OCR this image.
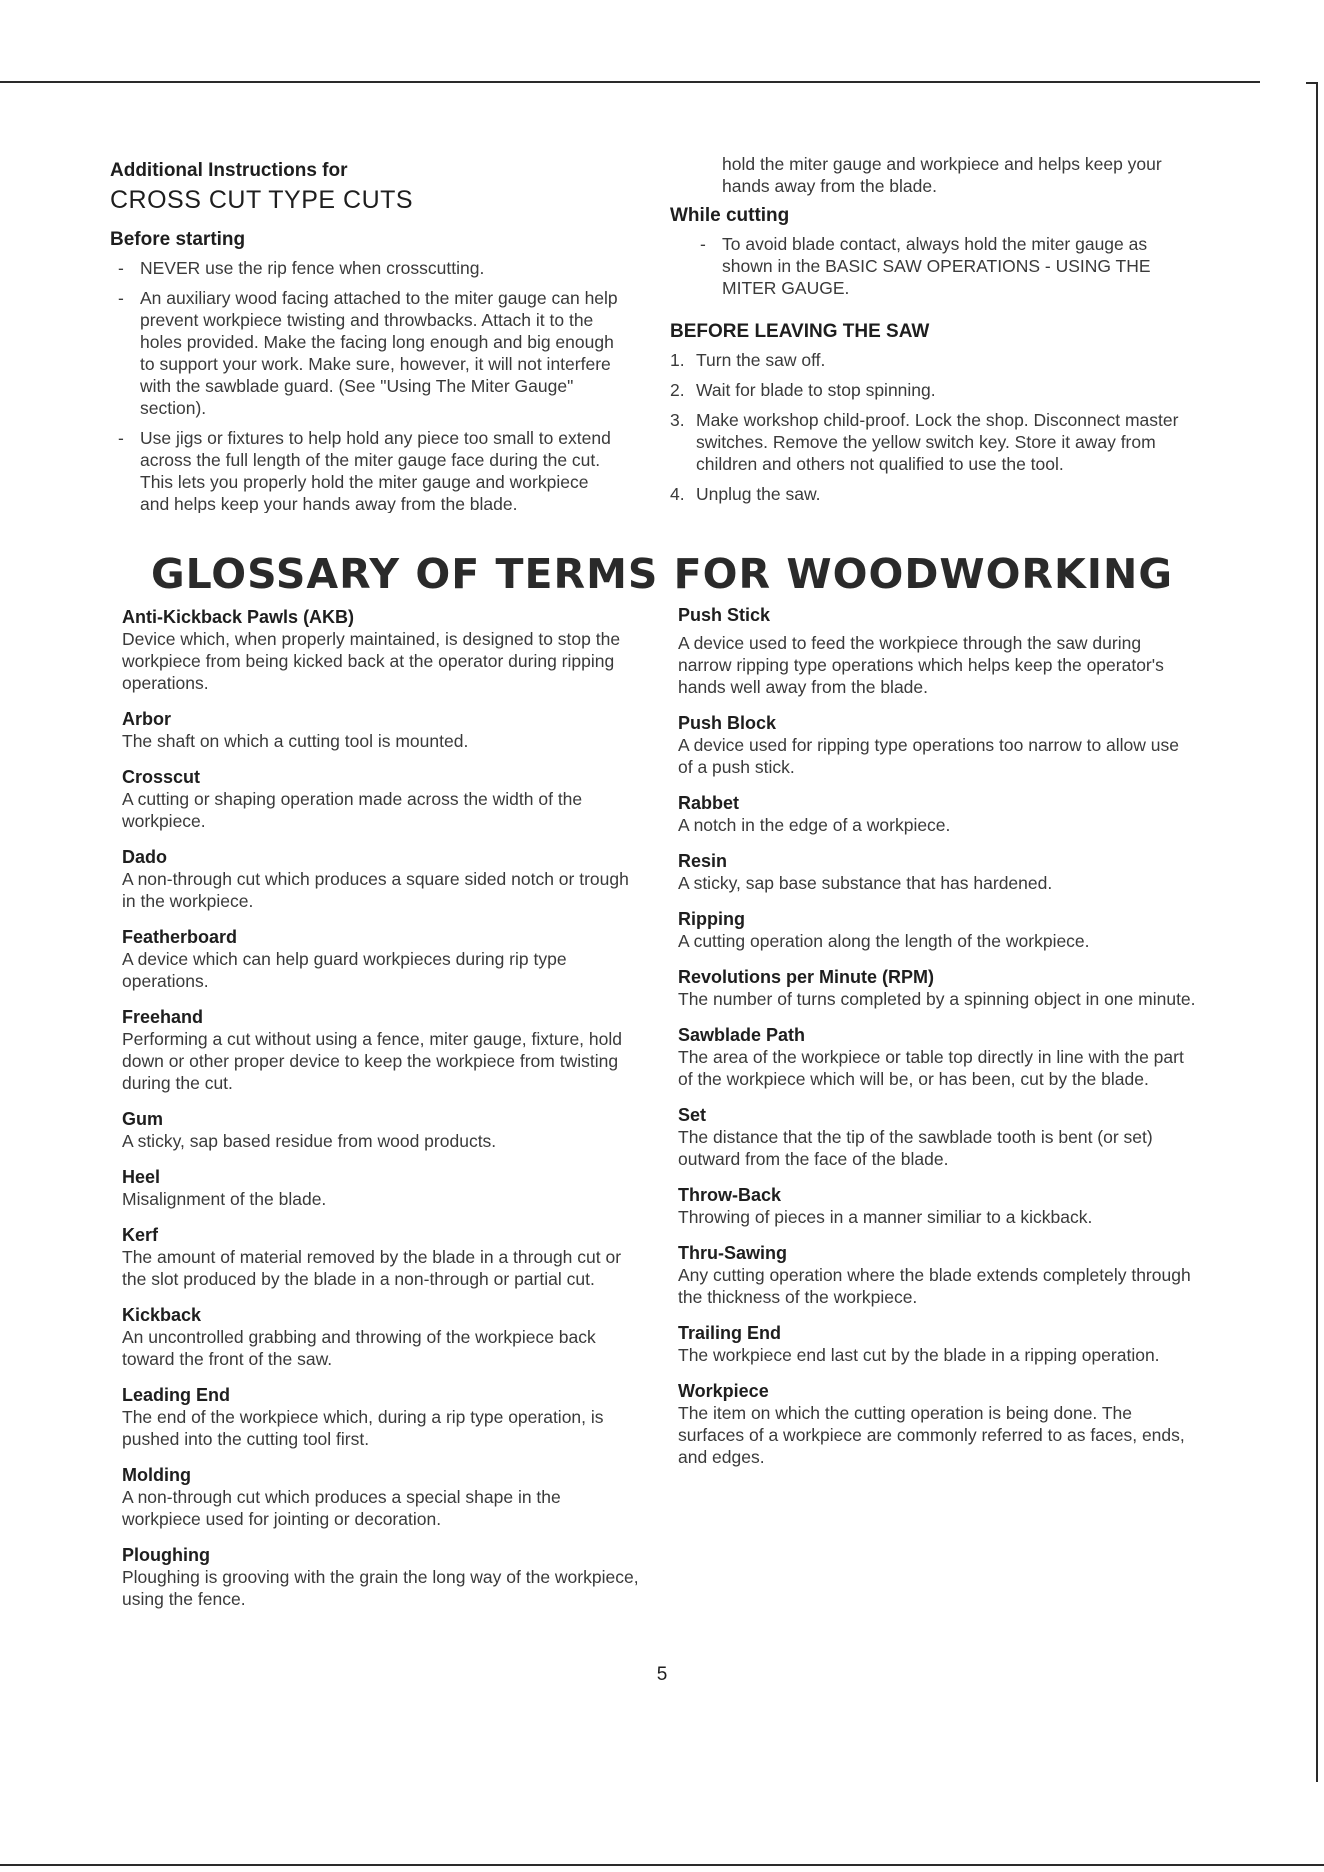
Additional Instructions for
CROSS CUT TYPE CUTS
Before starting
- NEVER use the rip fence when crosscutting.
- An auxiliary wood facing attached to the miter gauge can help prevent workpiece twisting and throwbacks. Attach it to the holes provided. Make the facing long enough and big enough to support your work. Make sure, however, it will not interfere with the sawblade guard. (See "Using The Miter Gauge" section).
- Use jigs or fixtures to help hold any piece too small to extend across the full length of the miter gauge face during the cut. This lets you properly hold the miter gauge and workpiece and helps keep your hands away from the blade.

hold the miter gauge and workpiece and helps keep your hands away from the blade.

While cutting
- To avoid blade contact, always hold the miter gauge as shown in the BASIC SAW OPERATIONS - USING THE MITER GAUGE.
BEFORE LEAVING THE SAW
1. Turn the saw off.
2. Wait for blade to stop spinning.
3. Make workshop child-proof. Lock the shop. Disconnect master switches. Remove the yellow switch key. Store it away from children and others not qualified to use the tool.
4. Unplug the saw.
GLOSSARY OF TERMS FOR WOODWORKING
Anti-Kickback Pawls (AKB)
Device which, when properly maintained, is designed to stop the workpiece from being kicked back at the operator during ripping operations.
Arbor
The shaft on which a cutting tool is mounted.
Crosscut
A cutting or shaping operation made across the width of the workpiece.
Dado
A non-through cut which produces a square sided notch or trough in the workpiece.
Featherboard
A device which can help guard workpieces during rip type operations.
Freehand
Performing a cut without using a fence, miter gauge, fixture, hold down or other proper device to keep the workpiece from twisting during the cut.
Gum
A sticky, sap based residue from wood products.
Heel
Misalignment of the blade.
Kerf
The amount of material removed by the blade in a through cut or the slot produced by the blade in a non-through or partial cut.
Kickback
An uncontrolled grabbing and throwing of the workpiece back toward the front of the saw.
Leading End
The end of the workpiece which, during a rip type operation, is pushed into the cutting tool first.
Molding
A non-through cut which produces a special shape in the workpiece used for jointing or decoration.
Ploughing
Ploughing is grooving with the grain the long way of the workpiece, using the fence.
Push Stick
A device used to feed the workpiece through the saw during narrow ripping type operations which helps keep the operator's hands well away from the blade.
Push Block
A device used for ripping type operations too narrow to allow use of a push stick.
Rabbet
A notch in the edge of a workpiece.
Resin
A sticky, sap base substance that has hardened.
Ripping
A cutting operation along the length of the workpiece.
Revolutions per Minute (RPM)
The number of turns completed by a spinning object in one minute.
Sawblade Path
The area of the workpiece or table top directly in line with the part of the workpiece which will be, or has been, cut by the blade.
Set
The distance that the tip of the sawblade tooth is bent (or set) outward from the face of the blade.
Throw-Back
Throwing of pieces in a manner similiar to a kickback.
Thru-Sawing
Any cutting operation where the blade extends completely through the thickness of the workpiece.
Trailing End
The workpiece end last cut by the blade in a ripping operation.
Workpiece
The item on which the cutting operation is being done. The surfaces of a workpiece are commonly referred to as faces, ends, and edges.
5
